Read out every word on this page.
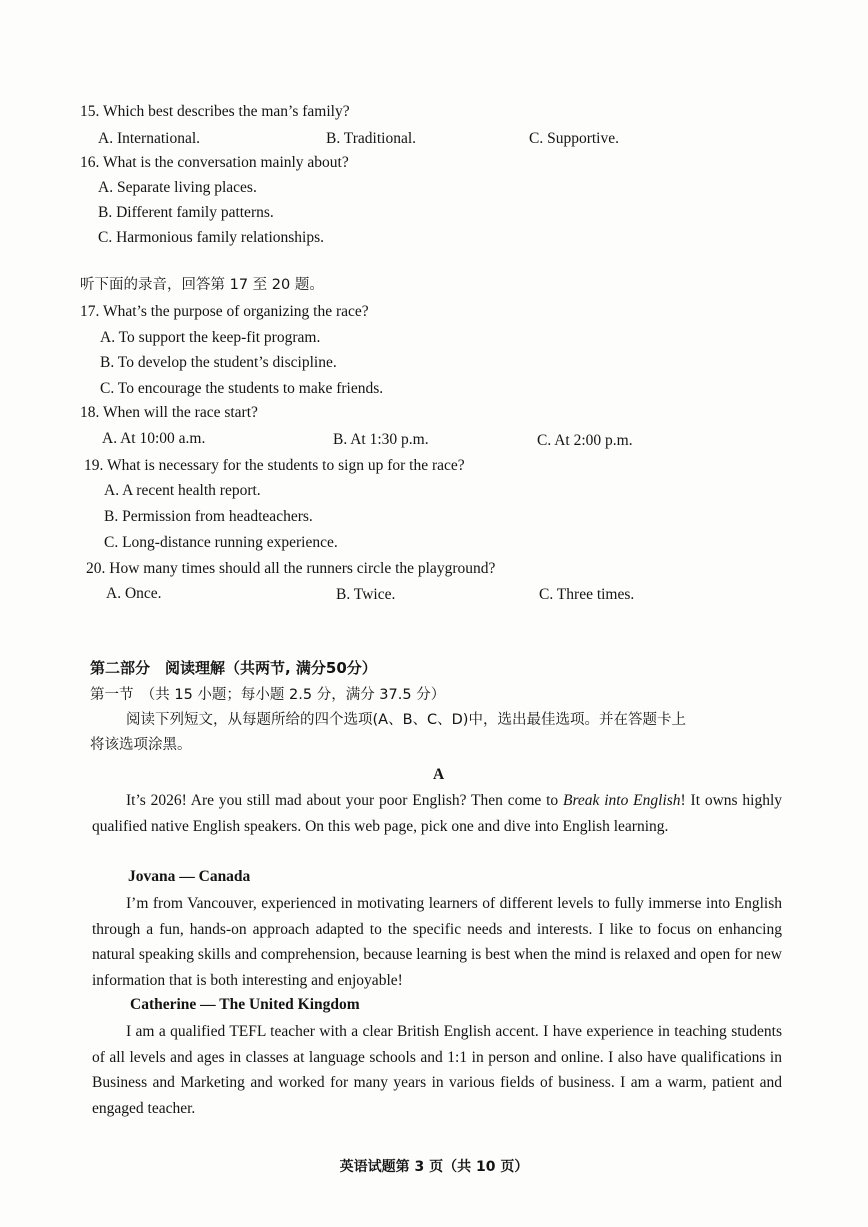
15. Which best describes the man’s family?
A. International.	B. Traditional.	C. Supportive.
16. What is the conversation mainly about?
A. Separate living places.
B. Different family patterns.
C. Harmonious family relationships.
听下面的录音，回答第 17 至 20 题。
17. What’s the purpose of organizing the race?
A. To support the keep-fit program.
B. To develop the student’s discipline.
C. To encourage the students to make friends.
18. When will the race start?
A. At 10:00 a.m.	B. At 1:30 p.m.	C. At 2:00 p.m.
19. What is necessary for the students to sign up for the race?
A. A recent health report.
B. Permission from headteachers.
C. Long-distance running experience.
20. How many times should all the runners circle the playground?
A. Once.	B. Twice.	C. Three times.
第二部分　阅读理解（共两节, 满分50分）
第一节　（共 15 小题；每小题 2.5 分，满分 37.5 分）
阅读下列短文，从每题所给的四个选项(A、B、C、D)中，选出最佳选项。并在答题卡上
将该选项涂黑。
A

It’s 2026! Are you still mad about your poor English? Then come to Break into English! It owns highly qualified native English speakers. On this web page, pick one and dive into English learning.

Jovana — Canada

I’m from Vancouver, experienced in motivating learners of different levels to fully immerse into English through a fun, hands-on approach adapted to the specific needs and interests. I like to focus on enhancing natural speaking skills and comprehension, because learning is best when the mind is relaxed and open for new information that is both interesting and enjoyable!

Catherine — The United Kingdom

I am a qualified TEFL teacher with a clear British English accent. I have experience in teaching students of all levels and ages in classes at language schools and 1:1 in person and online. I also have qualifications in Business and Marketing and worked for many years in various fields of business. I am a warm, patient and engaged teacher.

英语试题第 3 页（共 10 页）
